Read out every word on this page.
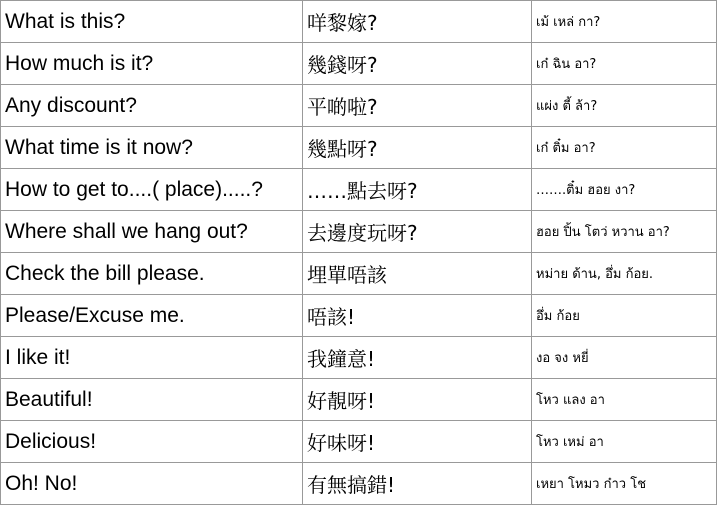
What is this?	咩黎嫁?	เม้ เหล่ กา?
How much is it?	幾錢呀?	เก๋ ฉิน อา?
Any discount?	平啲啦?	แผ่ง ตี้ ล้า?
What time is it now?	幾點呀?	เก๋ ติ๋ม อา?
How to get to....( place).....?	……點去呀?	…….ติ๋ม ฮอย งา?
Where shall we hang out?	去邊度玩呀?	ฮอย ปิ้น โตว่ หวาน อา?
Check the bill please.	埋單唔該	หม่าย ด้าน, อึ่ม ก้อย.
Please/Excuse me.	唔該!	อึ่ม ก้อย
I like it!	我鐘意!	งอ จง หยี่
Beautiful!	好靚呀!	โหว แลง อา
Delicious!	好味呀!	โหว เหม่ อา
Oh! No!	有無搞錯!	เหยา โหมว ก๋าว โช
